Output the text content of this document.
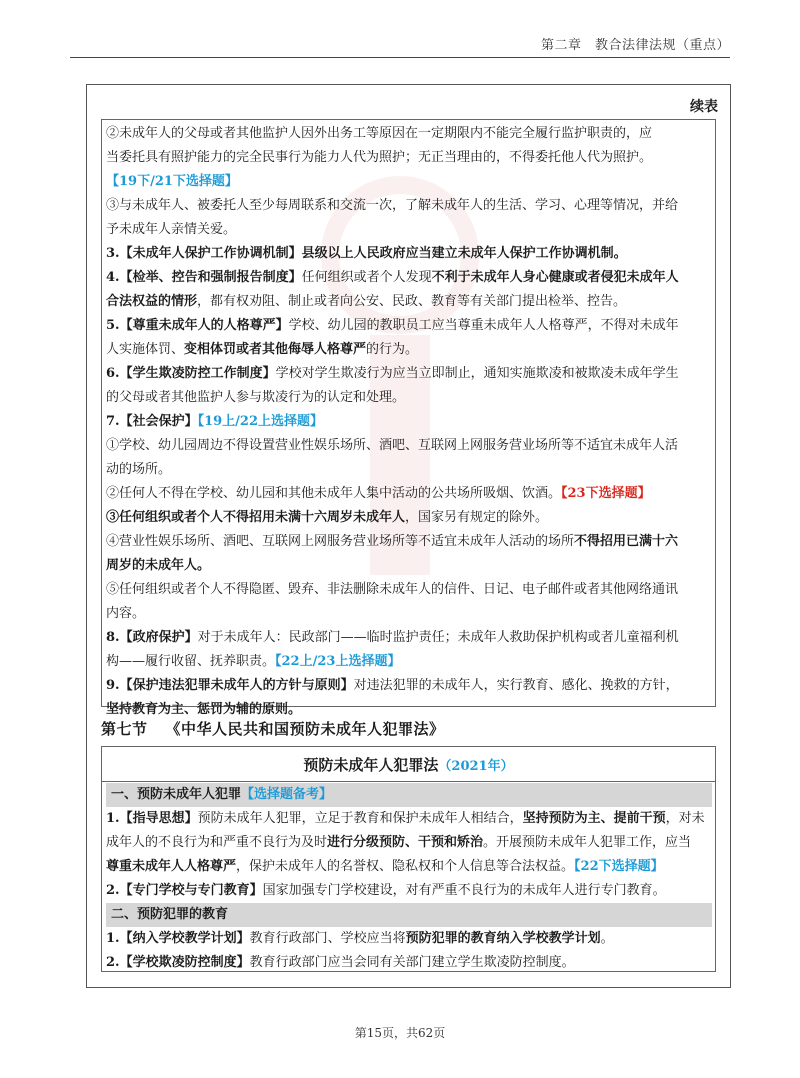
第二章　教合法律法规（重点）
续表

②未成年人的父母或者其他监护人因外出务工等原因在一定期限内不能完全履行监护职责的，应

当委托具有照护能力的完全民事行为能力人代为照护；无正当理由的，不得委托他人代为照护。

【19下/21下选择题】

③与未成年人、被委托人至少每周联系和交流一次，了解未成年人的生活、学习、心理等情况，并给

予未成年人亲情关爱。

3.【未成年人保护工作协调机制】县级以上人民政府应当建立未成年人保护工作协调机制。

4.【检举、控告和强制报告制度】任何组织或者个人发现不利于未成年人身心健康或者侵犯未成年人

合法权益的情形，都有权劝阻、制止或者向公安、民政、教育等有关部门提出检举、控告。

5.【尊重未成年人的人格尊严】学校、幼儿园的教职员工应当尊重未成年人人格尊严，不得对未成年

人实施体罚、变相体罚或者其他侮辱人格尊严的行为。

6.【学生欺凌防控工作制度】学校对学生欺凌行为应当立即制止，通知实施欺凌和被欺凌未成年学生

的父母或者其他监护人参与欺凌行为的认定和处理。

7.【社会保护】【19上/22上选择题】

①学校、幼儿园周边不得设置营业性娱乐场所、酒吧、互联网上网服务营业场所等不适宜未成年人活

动的场所。

②任何人不得在学校、幼儿园和其他未成年人集中活动的公共场所吸烟、饮酒。【23下选择题】

③任何组织或者个人不得招用未满十六周岁未成年人，国家另有规定的除外。

④营业性娱乐场所、酒吧、互联网上网服务营业场所等不适宜未成年人活动的场所不得招用已满十六

周岁的未成年人。

⑤任何组织或者个人不得隐匿、毁弃、非法删除未成年人的信件、日记、电子邮件或者其他网络通讯

内容。

8.【政府保护】对于未成年人：民政部门——临时监护责任；未成年人救助保护机构或者儿童福利机

构——履行收留、抚养职责。【22上/23上选择题】

9.【保护违法犯罪未成年人的方针与原则】对违法犯罪的未成年人，实行教育、感化、挽救的方针，

坚持教育为主、惩罚为辅的原则。

第七节 《中华人民共和国预防未成年人犯罪法》
预防未成年人犯罪法（2021年）

一、预防未成年人犯罪【选择题备考】

1.【指导思想】预防未成年人犯罪，立足于教育和保护未成年人相结合，坚持预防为主、提前干预，对未

成年人的不良行为和严重不良行为及时进行分级预防、干预和矫治。开展预防未成年人犯罪工作，应当

尊重未成年人人格尊严，保护未成年人的名誉权、隐私权和个人信息等合法权益。【22下选择题】

2.【专门学校与专门教育】国家加强专门学校建设，对有严重不良行为的未成年人进行专门教育。

二、预防犯罪的教育

1.【纳入学校教学计划】教育行政部门、学校应当将预防犯罪的教育纳入学校教学计划。

2.【学校欺凌防控制度】教育行政部门应当会同有关部门建立学生欺凌防控制度。

第15页，共62页
